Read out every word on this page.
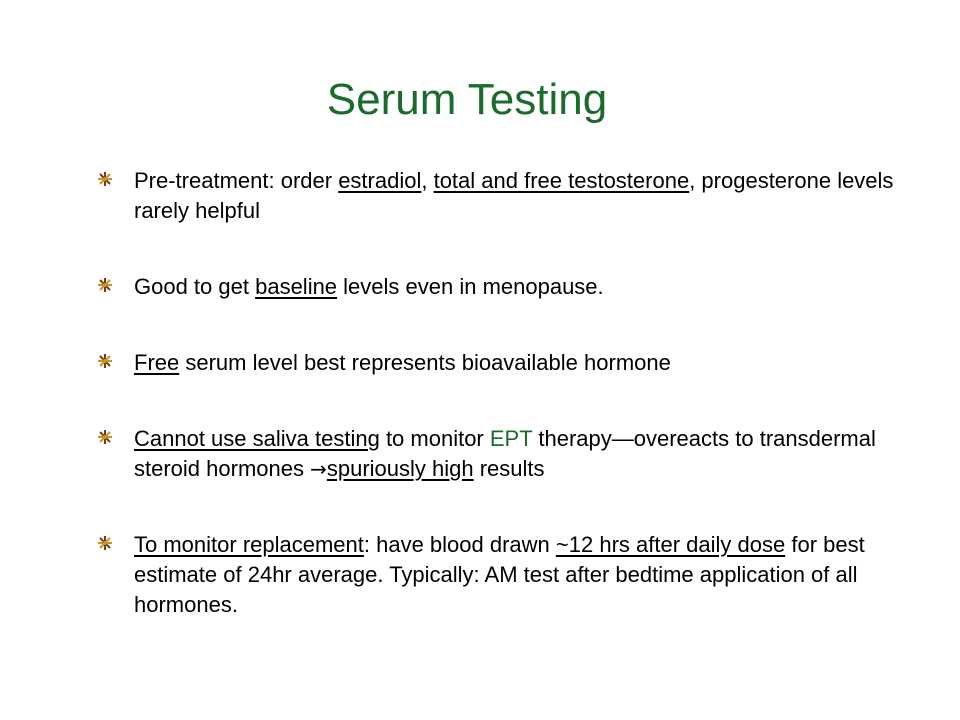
Serum Testing
Pre-treatment: order estradiol, total and free testosterone, progesterone levels rarely helpful
Good to get baseline levels even in menopause.
Free serum level best represents bioavailable hormone
Cannot use saliva testing to monitor EPT therapy—overeacts to transdermal steroid hormones →spuriously high results
To monitor replacement: have blood drawn ~12 hrs after daily dose for best estimate of 24hr average. Typically: AM test after bedtime application of all hormones.
